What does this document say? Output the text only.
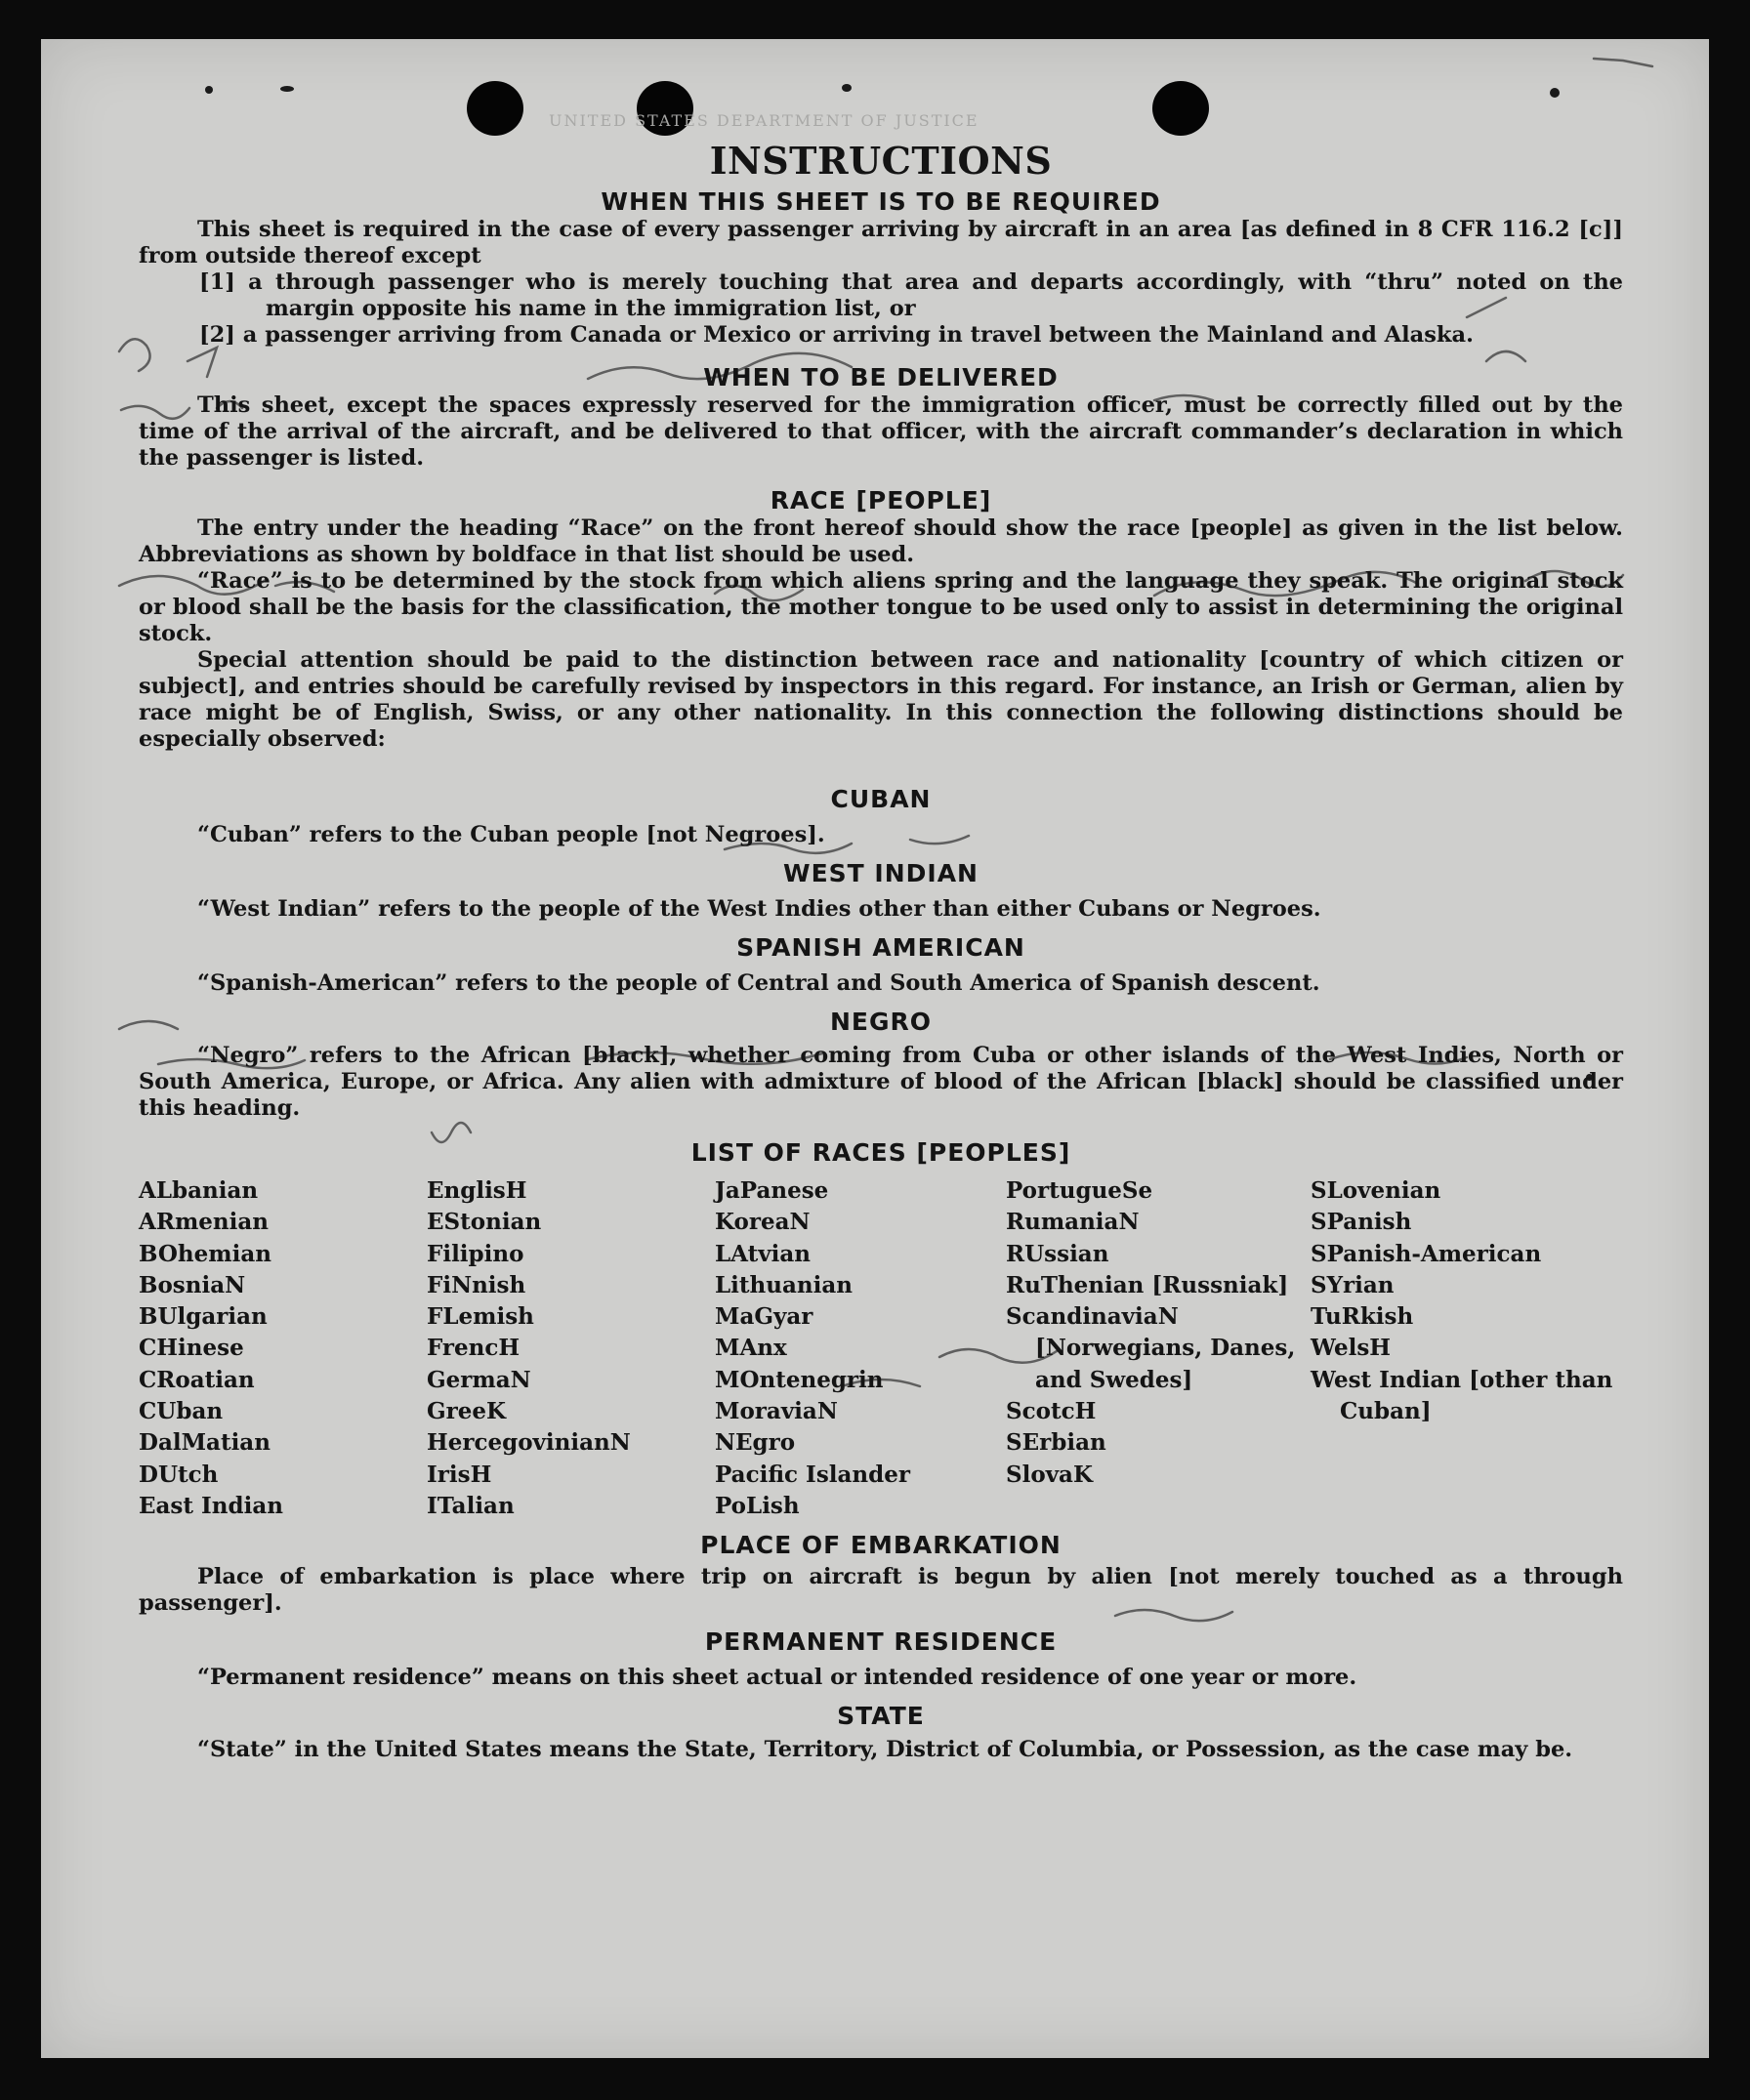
UNITED STATES DEPARTMENT OF JUSTICE
INSTRUCTIONS
WHEN THIS SHEET IS TO BE REQUIRED

This sheet is required in the case of every passenger arriving by aircraft in an area [as defined in 8 CFR 116.2 [c]] from outside thereof except

[1] a through passenger who is merely touching that area and departs accordingly, with “thru” noted on the margin opposite his name in the immigration list, or

[2] a passenger arriving from Canada or Mexico or arriving in travel between the Mainland and Alaska.

WHEN TO BE DELIVERED

This sheet, except the spaces expressly reserved for the immigration officer, must be correctly filled out by the time of the arrival of the aircraft, and be delivered to that officer, with the aircraft commander’s declaration in which the passenger is listed.

RACE [PEOPLE]

The entry under the heading “Race” on the front hereof should show the race [people] as given in the list below. Abbreviations as shown by boldface in that list should be used.

“Race” is to be determined by the stock from which aliens spring and the language they speak. The original stock or blood shall be the basis for the classification, the mother tongue to be used only to assist in determining the original stock.

Special attention should be paid to the distinction between race and nationality [country of which citizen or subject], and entries should be carefully revised by inspectors in this regard. For instance, an Irish or German, alien by race might be of English, Swiss, or any other nationality. In this connection the following distinctions should be especially observed:

CUBAN

“Cuban” refers to the Cuban people [not Negroes].

WEST INDIAN

“West Indian” refers to the people of the West Indies other than either Cubans or Negroes.

SPANISH AMERICAN

“Spanish-American” refers to the people of Central and South America of Spanish descent.

NEGRO

“Negro” refers to the African [black], whether coming from Cuba or other islands of the West Indies, North or South America, Europe, or Africa. Any alien with admixture of blood of the African [black] should be classified under this heading.

LIST OF RACES [PEOPLES]
ALbanian
ARmenian
BOhemian
BosniaN
BUlgarian
CHinese
CRoatian
CUban
DalMatian
DUtch
East Indian
EnglisH
EStonian
Filipino
FiNnish
FLemish
FrencH
GermaN
GreeK
HercegovinianN
IrisH
ITalian
JaPanese
KoreaN
LAtvian
Lithuanian
MaGyar
MAnx
MOntenegrin
MoraviaN
NEgro
Pacific Islander
PoLish
PortugueSe
RumaniaN
RUssian
RuThenian [Russniak]
ScandinaviaN [Norwegians, Danes, and Swedes]
ScotcH
SErbian
SlovaK
SLovenian
SPanish
SPanish-American
SYrian
TuRkish
WelsH
West Indian [other than Cuban]
PLACE OF EMBARKATION

Place of embarkation is place where trip on aircraft is begun by alien [not merely touched as a through passenger].

PERMANENT RESIDENCE

“Permanent residence” means on this sheet actual or intended residence of one year or more.

STATE

“State” in the United States means the State, Territory, District of Columbia, or Possession, as the case may be.
